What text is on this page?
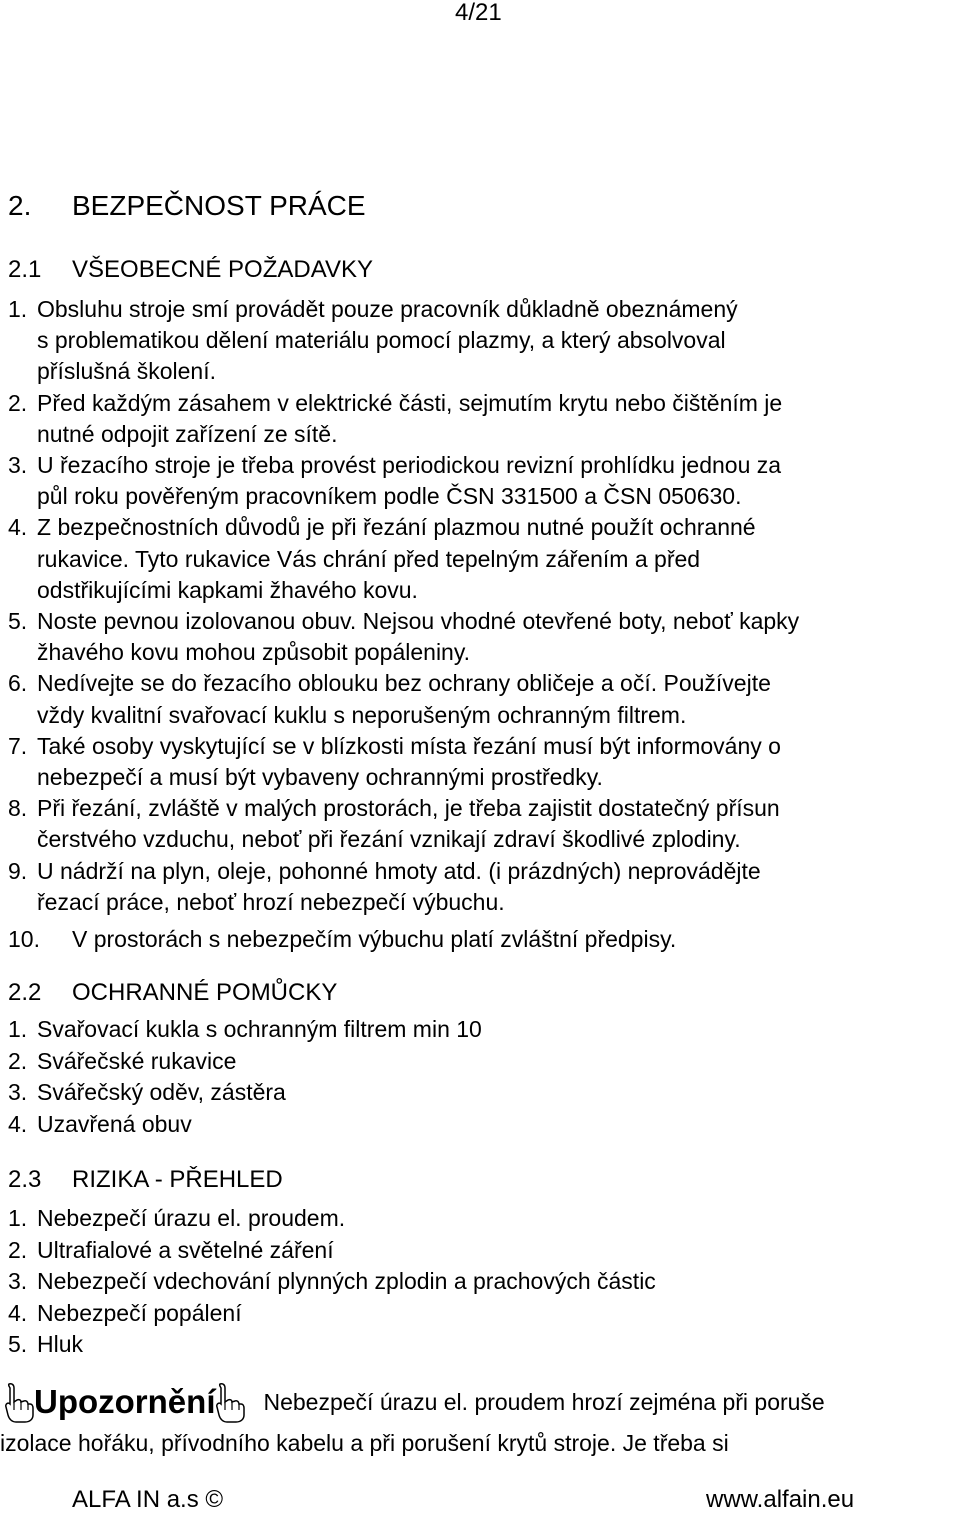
4/21
2. BEZPEČNOST PRÁCE
2.1 VŠEOBECNÉ POŽADAVKY
1. Obsluhu stroje smí provádět pouze pracovník důkladně obeznámený
s problematikou dělení materiálu pomocí plazmy, a který absolvoval
příslušná školení.
2. Před každým zásahem v elektrické části, sejmutím krytu nebo čištěním je
nutné odpojit zařízení ze sítě.
3. U řezacího stroje je třeba provést periodickou revizní prohlídku jednou za
půl roku pověřeným pracovníkem podle ČSN 331500 a ČSN 050630.
4. Z bezpečnostních důvodů je při řezání plazmou nutné použít ochranné
rukavice. Tyto rukavice Vás chrání před tepelným zářením a před
odstřikujícími kapkami žhavého kovu.
5. Noste pevnou izolovanou obuv. Nejsou vhodné otevřené boty, neboť kapky
žhavého kovu mohou způsobit popáleniny.
6. Nedívejte se do řezacího oblouku bez ochrany obličeje a očí. Používejte
vždy kvalitní svařovací kuklu s neporušeným ochranným filtrem.
7. Také osoby vyskytující se v blízkosti místa řezání musí být informovány o
nebezpečí a musí být vybaveny ochrannými prostředky.
8. Při řezání, zvláště v malých prostorách, je třeba zajistit dostatečný přísun
čerstvého vzduchu, neboť při řezání vznikají zdraví škodlivé zplodiny.
9. U nádrží na plyn, oleje, pohonné hmoty atd. (i prázdných) neprovádějte
řezací práce, neboť hrozí nebezpečí výbuchu.
10. V prostorách s nebezpečím výbuchu platí zvláštní předpisy.
2.2 OCHRANNÉ POMŮCKY
1. Svařovací kukla s ochranným filtrem min 10
2. Svářečské rukavice
3. Svářečský oděv, zástěra
4. Uzavřená obuv
2.3 RIZIKA - PŘEHLED
1. Nebezpečí úrazu el. proudem.
2. Ultrafialové a světelné záření
3. Nebezpečí vdechování plynných zplodin a prachových částic
4. Nebezpečí popálení
5. Hluk
Upozornění Nebezpečí úrazu el. proudem hrozí zejména při poruše
izolace hořáku, přívodního kabelu a při porušení krytů stroje. Je třeba si
ALFA IN a.s ©	www.alfain.eu
